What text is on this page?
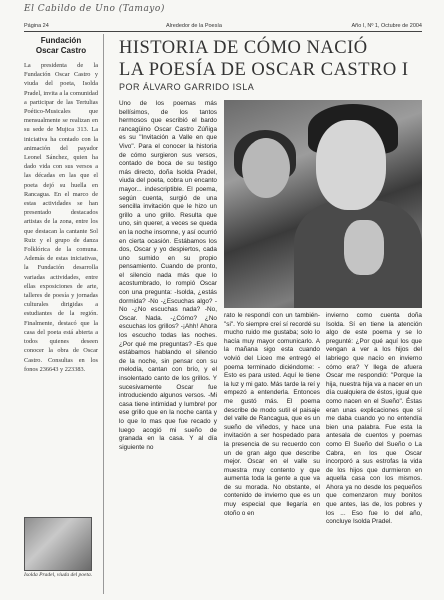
El Cabildo de Uno (Tamayo)
Página 24	Alrededor de la Poesía	Año I, Nº 1, Octubre de 2004
Fundación
Oscar Castro
La presidenta de la Fundación Oscar Castro y viuda del poeta, Isolda Pradel, invita a la comunidad a participar de las Tertulias Poético-Musicales que mensualmente se realizan en su sede de Mujica 313. La iniciativa ha contado con la animación del payador Leonel Sánchez, quien ha dado vida con sus versos a las décadas en las que el poeta dejó su huella en Rancagua. En el marco de estas actividades se han presentado destacados artistas de la zona, entre los que destacan la cantante Sol Ruiz y el grupo de danza Folklórica de la comuna. Además de estas iniciativas, la Fundación desarrolla variadas actividades, entre ellas exposiciones de arte, talleres de poesía y jornadas culturales dirigidas a estudiantes de la región. Finalmente, destacó que la casa del poeta está abierta a todos quienes deseen conocer la obra de Oscar Castro. Consultas en los fonos 236643 y 223383.
Isolda Pradel, viuda del poeta.
HISTORIA DE CÓMO NACIÓ
LA POESÍA DE OSCAR CASTRO I
POR ÁLVARO GARRIDO ISLA
Uno de los poemas más bellísimos, de los tantos hermosos que escribió el bardo rancagüino Oscar Castro Zúñiga es su "Invitación a Valle en que Vivo". Para el conocer la historia de cómo surgieron sus versos, contado de boca de su testigo más directo, doña Isolda Pradel, viuda del poeta, cobra un encanto mayor... indescriptible. El poema, según cuenta, surgió de una sencilla invitación que le hizo un grillo a uno grillo. Resulta que uno, sin querer, a veces se queda en la noche insomne, y así ocurrió en cierta ocasión. Estábamos los dos, Oscar y yo despiertos, cada uno sumido en su propio pensamiento. Cuando de pronto, el silencio nada más que lo acostumbrado, lo rompió Oscar con una pregunta: -Isolda, ¿estás dormida? -No -¿Escuchas algo? -No -¿No escuchas nada? -No, Oscar. Nada. -¿Cómo? ¿No escuchas los grillos? -¡Ahh! Ahora los escucho todas las noches. ¿Por qué me preguntas? -Es que estábamos hablando el silencio de la noche, sin pensar con su melodía, cantan con brío, y el insolentado canto de los grillos. Y sucesivamente Oscar fue introduciendo algunos versos. -Mi casa tiene intimidad y lumbre! por ese grillo que en la noche canta y lo que lo mas que fue recado y luego acogió mi sueño de granada en la casa. Y al día siguiente no
rato le respondí con un también-"si". Yo siempre creí sí recordé su mucho ruido me gustaba; solo lo hacía muy mayor comunicarlo. A la mañana sigo esta cuando volvió del Liceo me entregó el poema terminado diciéndome: -Esto es para usted. Aquí le tiene la luz y mi gato. Más tarde la reí y empezó a entenderla. Entonces me gustó más. El poema describe de modo sutil el paisaje del valle de Rancagua, que es un sueño de viñedos, y hace una invitación a ser hospedado para la presencia de su recuerdo con un de gran algo que describe mejor. Oscar en el valle su muestra muy contento y que aumenta toda la gente a que va de su morada. No obstante, el contenido de invierno que es un muy especial que llegaría en otoño o en
invierno como cuenta doña Isolda. Sí en tiene la atención algo de este poema y se lo pregunté: ¿Por qué aquí los que vengan a ver a los hijos del labriego que nacío en invierno cómo era? Y llega de afuera Oscar me respondió: "Porque la hija, nuestra hija va a nacer en un día cualquiera de éstos, igual que como nacen en el Sueño". Éstas eran unas explicaciones que sí me daba cuando yo no entendía bien una palabra. Fue esta la antesala de cuentos y poemas como El Sueño del Sueño o La Cabra, en los que Oscar incorporó a sus estrofas la vida de los hijos que durmieron en aquella casa con los mismos. Ahora ya no desde los pequeños que comenzaron muy bonitos que antes, las de, los pobres y los ... Eso fue lo del año, concluye Isolda Pradel.
